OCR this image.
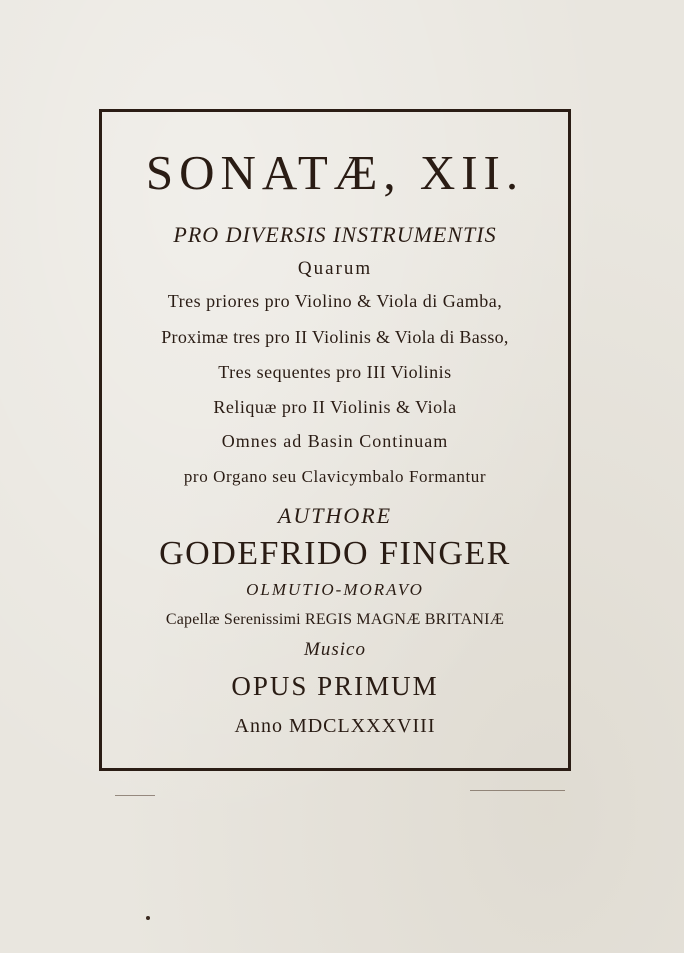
SONATÆ, XII.
PRO DIVERSIS INSTRUMENTIS
Quarum
Tres priores pro Violino & Viola di Gamba,
Proximæ tres pro II Violinis & Viola di Basso,
Tres sequentes pro III Violinis
Reliquæ pro II Violinis & Viola
Omnes ad Basin Continuam
pro Organo seu Clavicymbalo Formantur
AUTHORE
GODEFRIDO FINGER
OLMUTIO-MORAVO
Capellæ Serenissimi REGIS MAGNÆ BRITANIÆ
Musico
OPUS PRIMUM
Anno MDCLXXXVIII
